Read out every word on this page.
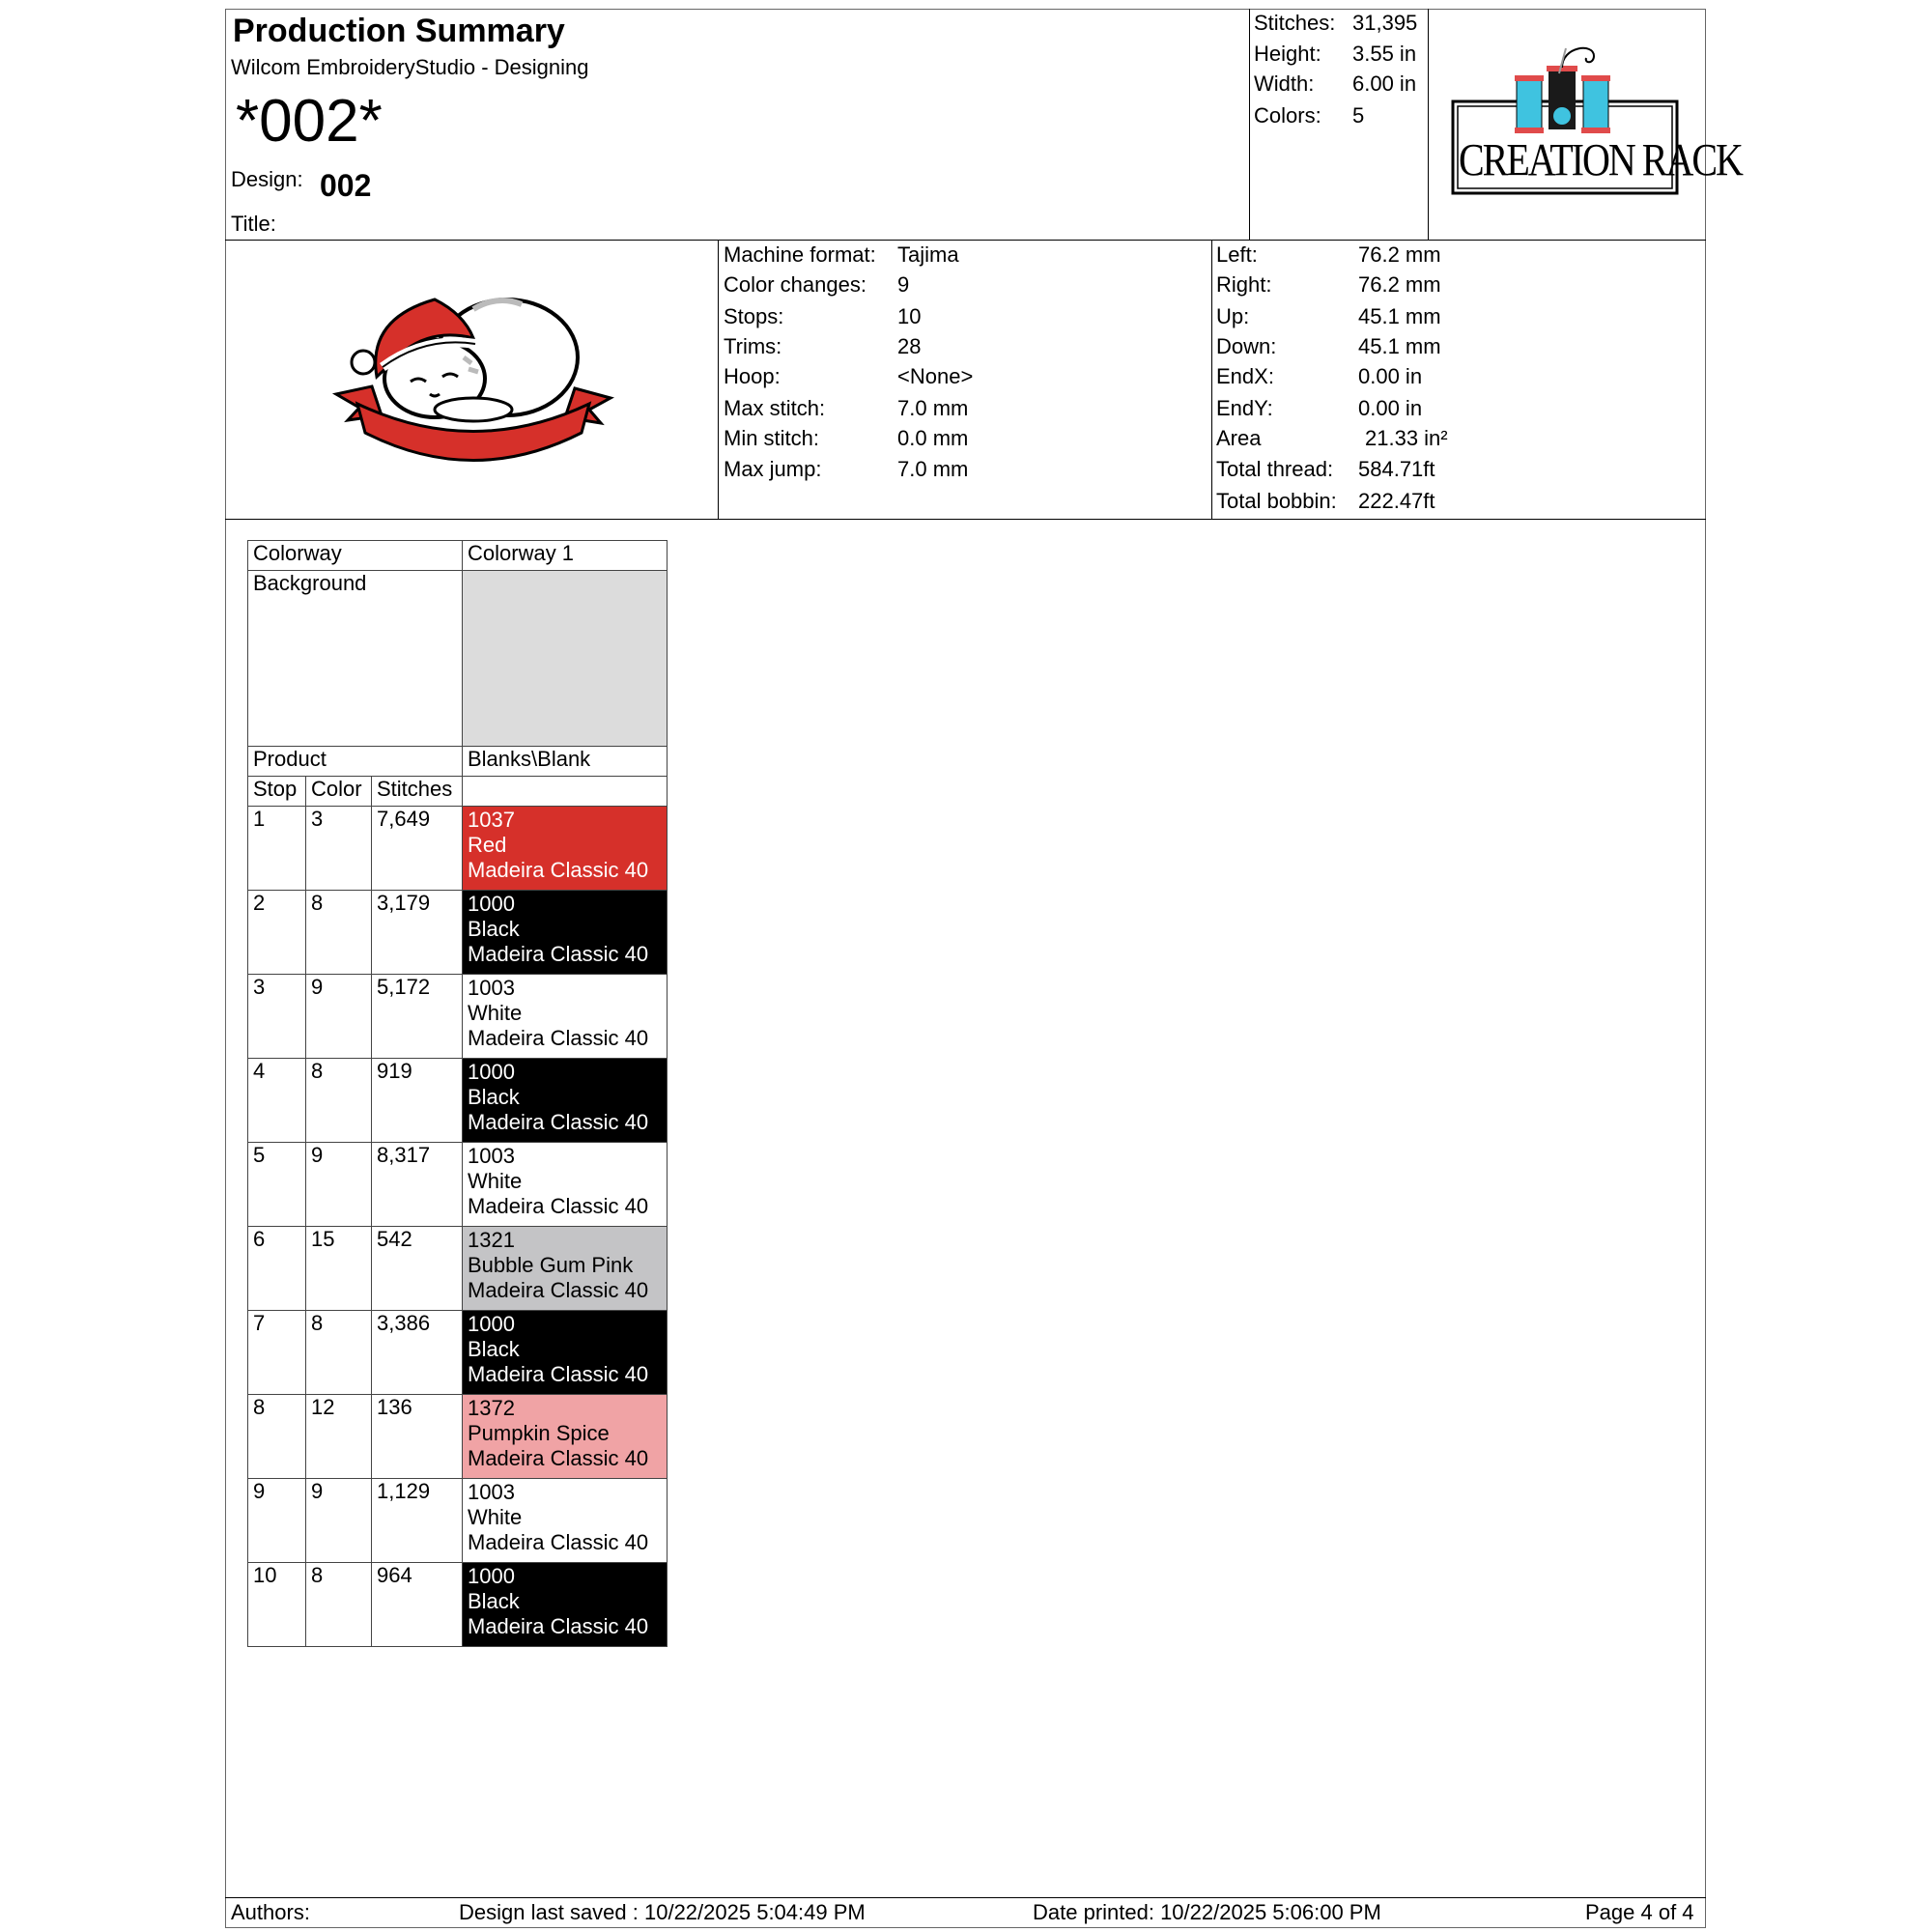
Production Summary
Wilcom EmbroideryStudio - Designing
*002*
Design: 002
Title:
Stitches: 31,395
Height: 3.55 in
Width: 6.00 in
Colors: 5
CREATION RACK
Machine format: Tajima
Color changes: 9
Stops:	10
Trims:	28
Hoop:	<None>
Max stitch:	7.0 mm
Min stitch:	0.0 mm
Max jump:	7.0 mm
Left:	76.2 mm
Right:	76.2 mm
Up:	45.1 mm
Down:	45.1 mm
EndX:	0.00 in
EndY:	0.00 in
Area	21.33 in²
Total thread: 584.71ft
Total bobbin: 222.47ft
Colorway			Colorway 1
Background			
Product			Blanks\Blank
Stop	Color	Stitches	
1	3	7,649	1037
Red
Madeira Classic 40

2	8	3,179	1000
Black
Madeira Classic 40

3	9	5,172	1003
White
Madeira Classic 40

4	8	919	1000
Black
Madeira Classic 40

5	9	8,317	1003
White
Madeira Classic 40

6	15	542	1321
Bubble Gum Pink
Madeira Classic 40

7	8	3,386	1000
Black
Madeira Classic 40

8	12	136	1372
Pumpkin Spice
Madeira Classic 40

9	9	1,129	1003
White
Madeira Classic 40

10	8	964	1000
Black
Madeira Classic 40
Authors:	Design last saved : 10/22/2025 5:04:49 PM	Date printed: 10/22/2025 5:06:00 PM	Page 4 of 4
